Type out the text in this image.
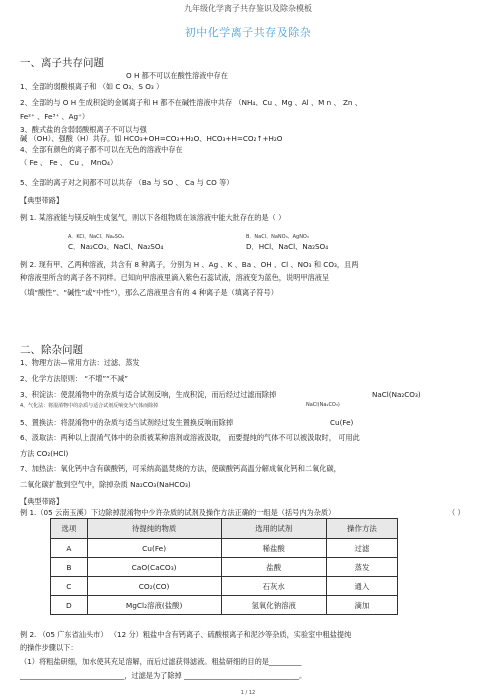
九年级化学离子共存鉴识及除杂模板
初中化学离子共存及除杂
一、离子共存问题
O H 都不可以在酸性溶液中存在
1、全部的弱酸根离子和 （如 C O₃、S O₃ ）
2、全部的与 O H 生成积淀的金属离子和 H 都不在碱性溶液中共存 （NH₄、Cu 、Mg 、Al 、M n 、 Zn 、
Fe²⁺ 、Fe³⁺ 、Ag⁺）
3、酸式盐的含弱弱酸根离子不可以与强
碱 （OH）、强酸（H）共存。如 HCO₃+OH=CO₃+H₂O、HCO₃+H=CO₂↑+H₂O
4、全部有颜色的离子都不可以在无色的溶液中存在
（ Fe 、 Fe 、 Cu 、 MnO₄）
5、全部的离子对之间都不可以共存 （Ba 与 SO 、 Ca 与 CO 等）
【典型带路】
例 1. 某溶液能与镁反响生成氢气，则以下各组物质在该溶液中能大批存在的是（ ）
A．KCl、NaCl、Na₂SO₄	B．NaCl、NaNO₃、AgNO₃
C．Na₂CO₃、NaCl、Na₂SO₄	D．HCl、NaCl、Na₂SO₄
例 2. 现有甲、乙两种溶液，共含有 8 种离子，分别为 H 、Ag 、K 、Ba 、OH 、Cl 、NO₃ 和 CO₃，且两
种溶液里所含的离子各不同样。已知向甲溶液里滴入紫色石蕊试液，溶液变为蓝色，说明甲溶液呈
（填“酸性”、“碱性”或“中性”），那么乙溶液里含有的 4 种离子是（填离子符号）
二、除杂问题
1、物理方法—常用方法：过滤、蒸发
2、化学方法原则： “不增”“不减”
3、积淀法：使混淆物中的杂质与适合试剂反响，生成积淀，而后经过过滤而除掉	NaCl(Na₂CO₃)
4、气化法：将混淆物中的杂质与适合试剂反响变为气体而除掉	NaCl(Na₂CO₃)
5、置换法：将混淆物中的杂质与适当试剂经过发生置换反响而除掉	Cu(Fe)
6、汲取法：两种以上混淆气体中的杂质被某种溶剂或溶液汲取， 而要提纯的气体不可以被汲取时， 可用此
方法 CO₂(HCl)
7、加热法：氧化钙中含有碳酸钙，可采纳高温焚烧的方法，使碳酸钙高温分解成氧化钙和二氧化碳，
二氧化碳扩散到空气中，除掉杂质 Na₂CO₃(NaHCO₃)
【典型带路】
例 1.（05 云南玉溪）下边除掉混淆物中少许杂质的试剂及操作方法正确的一组是（括号内为杂质）	（ ）
选项	待提纯的物质	选用的试剂	操作方法
A	Cu(Fe)	稀盐酸	过滤
B	CaO(CaCO₃)	盐酸	蒸发
C	CO₂(CO)	石灰水	通入
D	MgCl₂溶液(盐酸)	氢氧化钠溶液	滴加
例 2. （05 广东省汕头市） （12 分）粗盐中含有钙离子、硫酸根离子和泥沙等杂质，实验室中粗盐提纯
的操作步骤以下：
（1）将粗盐研细，加水使其充足溶解，而后过滤获得滤液。粗盐研细的目的是_________
_____________________________，过滤是为了除掉 ________________________________。
1 / 12
